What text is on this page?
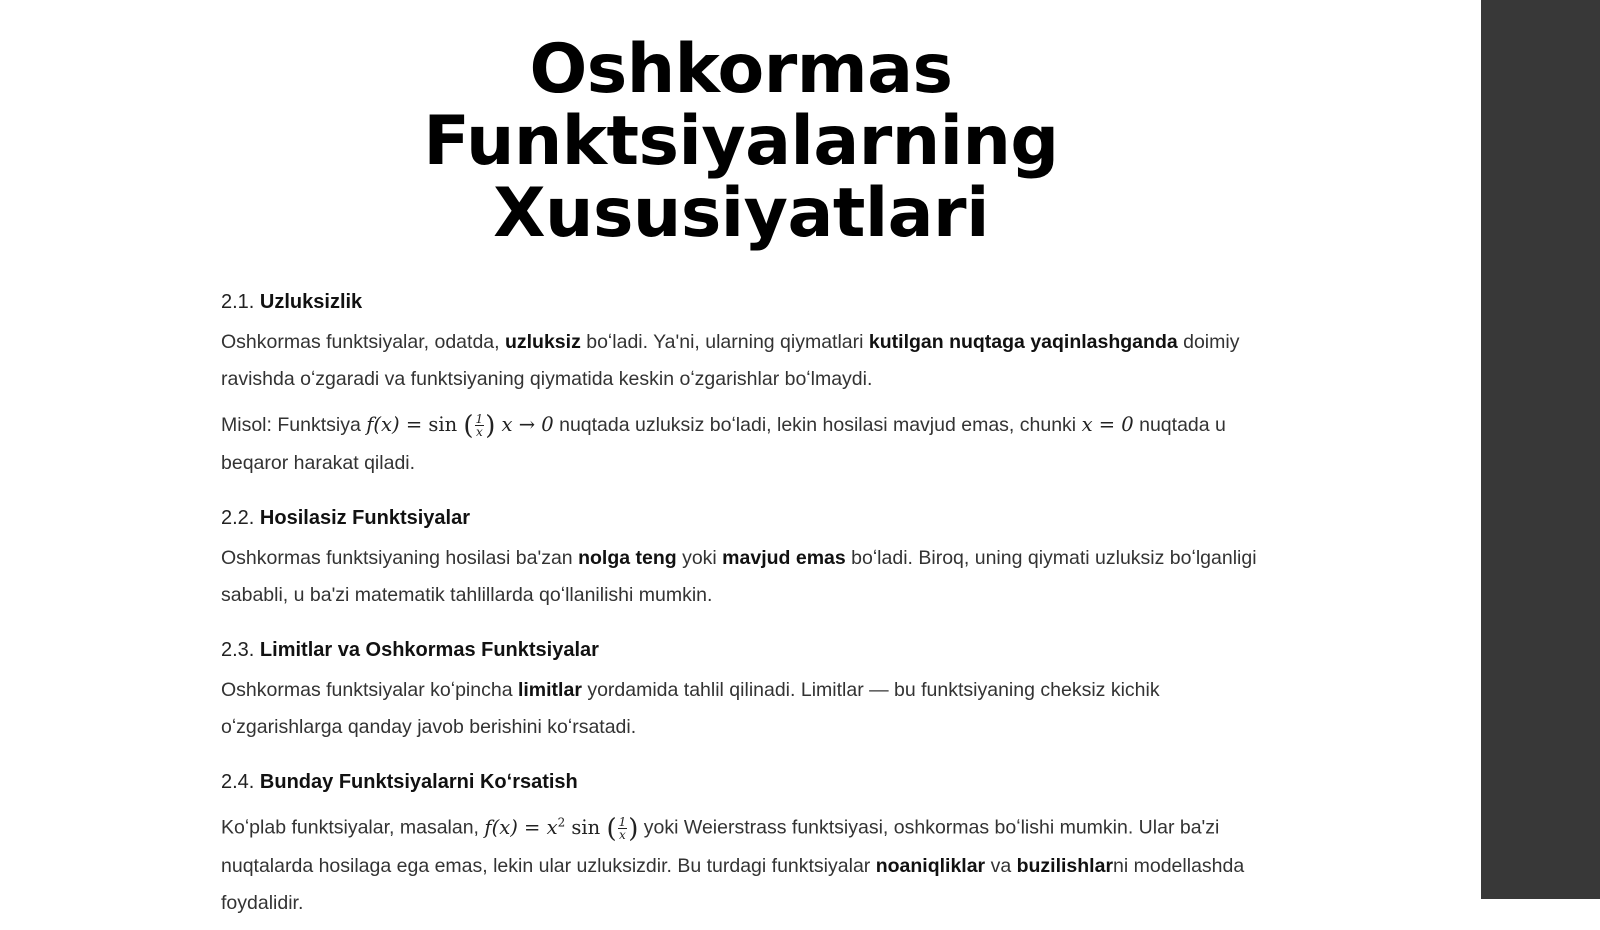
Oshkormas Funktsiyalarning
Xususiyatlari
2.1. Uzluksizlik

Oshkormas funktsiyalar, odatda, uzluksiz boʻladi. Ya'ni, ularning qiymatlari kutilgan nuqtaga yaqinlashganda doimiy ravishda oʻzgaradi va funktsiyaning qiymatida keskin oʻzgarishlar boʻlmaydi.

Misol: Funktsiya f(x) = sin ( $\frac{1}{x}$ ) x → 0 nuqtada uzluksiz boʻladi, lekin hosilasi mavjud emas, chunki x = 0 nuqtada u beqaror harakat qiladi.

2.2. Hosilasiz Funktsiyalar

Oshkormas funktsiyaning hosilasi ba'zan nolga teng yoki mavjud emas boʻladi. Biroq, uning qiymati uzluksiz boʻlganligi sababli, u ba'zi matematik tahlillarda qoʻllanilishi mumkin.

2.3. Limitlar va Oshkormas Funktsiyalar

Oshkormas funktsiyalar koʻpincha limitlar yordamida tahlil qilinadi. Limitlar — bu funktsiyaning cheksiz kichik oʻzgarishlarga qanday javob berishini koʻrsatadi.

2.4. Bunday Funktsiyalarni Koʻrsatish

Koʻplab funktsiyalar, masalan, $f(x) = x^2$ sin ( $\frac{1}{x}$ ) yoki Weierstrass funktsiyasi, oshkormas boʻlishi mumkin. Ular ba'zi nuqtalarda hosilaga ega emas, lekin ular uzluksizdir. Bu turdagi funktsiyalar noaniqliklar va buzilishlarni modellashda foydalidir.
